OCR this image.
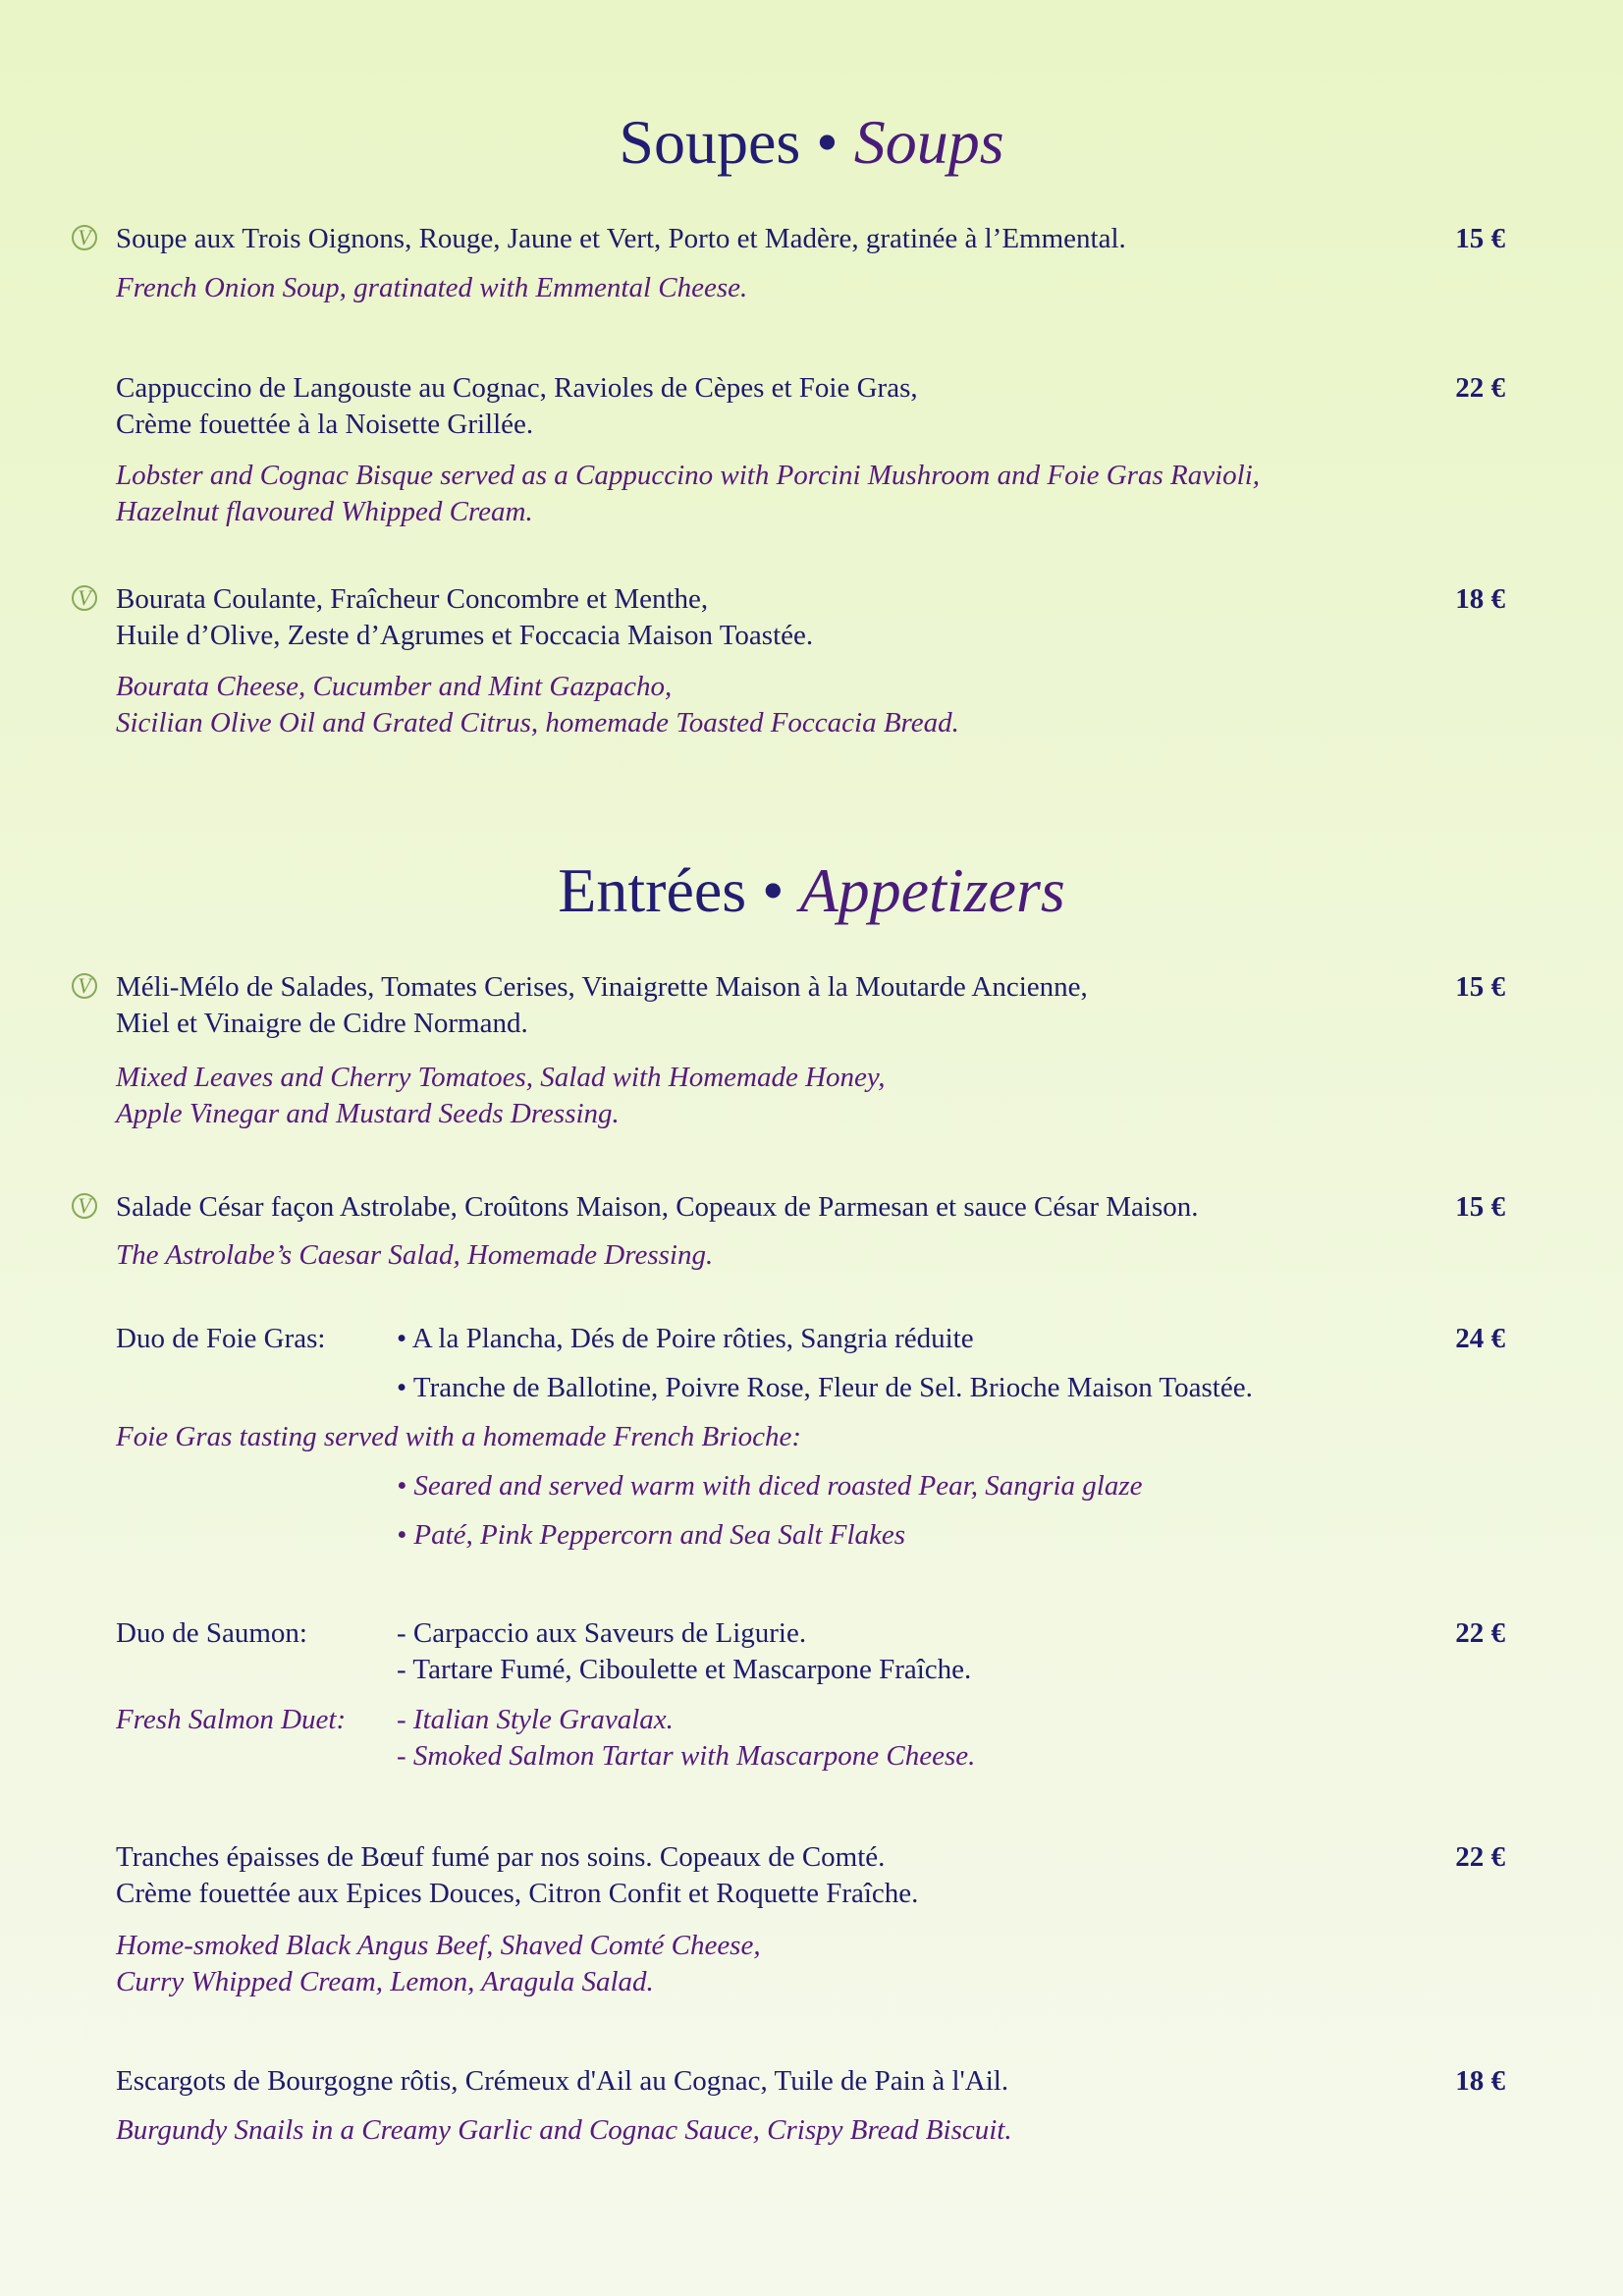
Soupes • Soups
V Soupe aux Trois Oignons, Rouge, Jaune et Vert, Porto et Madère, gratinée à l’Emmental.	15 €
French Onion Soup, gratinated with Emmental Cheese.
Cappuccino de Langouste au Cognac, Ravioles de Cèpes et Foie Gras,	22 €
Crème fouettée à la Noisette Grillée.
Lobster and Cognac Bisque served as a Cappuccino with Porcini Mushroom and Foie Gras Ravioli,
Hazelnut flavoured Whipped Cream.
V Bourata Coulante, Fraîcheur Concombre et Menthe,	18 €
Huile d’Olive, Zeste d’Agrumes et Foccacia Maison Toastée.
Bourata Cheese, Cucumber and Mint Gazpacho,
Sicilian Olive Oil and Grated Citrus, homemade Toasted Foccacia Bread.
Entrées • Appetizers
V Méli-Mélo de Salades, Tomates Cerises, Vinaigrette Maison à la Moutarde Ancienne,	15 €
Miel et Vinaigre de Cidre Normand.
Mixed Leaves and Cherry Tomatoes, Salad with Homemade Honey,
Apple Vinegar and Mustard Seeds Dressing.
V Salade César façon Astrolabe, Croûtons Maison, Copeaux de Parmesan et sauce César Maison.	15 €
The Astrolabe’s Caesar Salad, Homemade Dressing.
Duo de Foie Gras:	• A la Plancha, Dés de Poire rôties, Sangria réduite	24 €
• Tranche de Ballotine, Poivre Rose, Fleur de Sel. Brioche Maison Toastée.
Foie Gras tasting served with a homemade French Brioche:
• Seared and served warm with diced roasted Pear, Sangria glaze
• Paté, Pink Peppercorn and Sea Salt Flakes
Duo de Saumon:	- Carpaccio aux Saveurs de Ligurie.	22 €
- Tartare Fumé, Ciboulette et Mascarpone Fraîche.
Fresh Salmon Duet: - Italian Style Gravalax.
- Smoked Salmon Tartar with Mascarpone Cheese.
Tranches épaisses de Bœuf fumé par nos soins. Copeaux de Comté.	22 €
Crème fouettée aux Epices Douces, Citron Confit et Roquette Fraîche.
Home-smoked Black Angus Beef, Shaved Comté Cheese,
Curry Whipped Cream, Lemon, Aragula Salad.
Escargots de Bourgogne rôtis, Crémeux d'Ail au Cognac, Tuile de Pain à l'Ail.	18 €
Burgundy Snails in a Creamy Garlic and Cognac Sauce, Crispy Bread Biscuit.
